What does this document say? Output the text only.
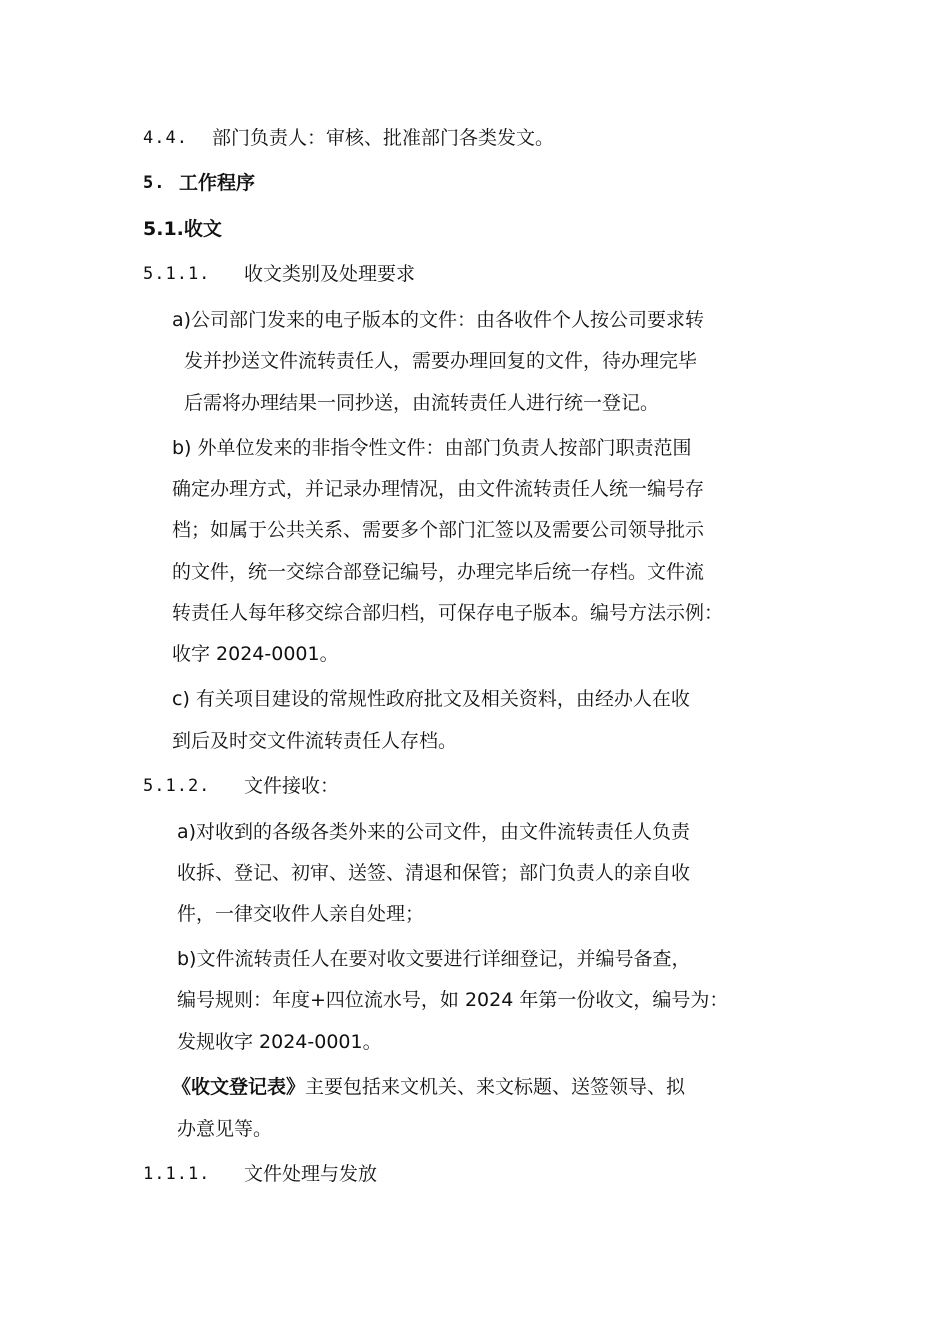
4.4. 部门负责人：审核、批准部门各类发文。
5. 工作程序
5.1.收文
5.1.1. 收文类别及处理要求
a)公司部门发来的电子版本的文件：由各收件个人按公司要求转
发并抄送文件流转责任人，需要办理回复的文件，待办理完毕
后需将办理结果一同抄送，由流转责任人进行统一登记。
b) 外单位发来的非指令性文件：由部门负责人按部门职责范围
确定办理方式，并记录办理情况，由文件流转责任人统一编号存
档；如属于公共关系、需要多个部门汇签以及需要公司领导批示
的文件，统一交综合部登记编号，办理完毕后统一存档。文件流
转责任人每年移交综合部归档，可保存电子版本。编号方法示例：
收字 2024-0001。
c) 有关项目建设的常规性政府批文及相关资料，由经办人在收
到后及时交文件流转责任人存档。
5.1.2. 文件接收：
a)对收到的各级各类外来的公司文件，由文件流转责任人负责
收拆、登记、初审、送签、清退和保管；部门负责人的亲自收
件，一律交收件人亲自处理；
b)文件流转责任人在要对收文要进行详细登记，并编号备查，
编号规则：年度+四位流水号，如 2024 年第一份收文，编号为：
发规收字 2024-0001。
《收文登记表》主要包括来文机关、来文标题、送签领导、拟
办意见等。
1.1.1. 文件处理与发放
